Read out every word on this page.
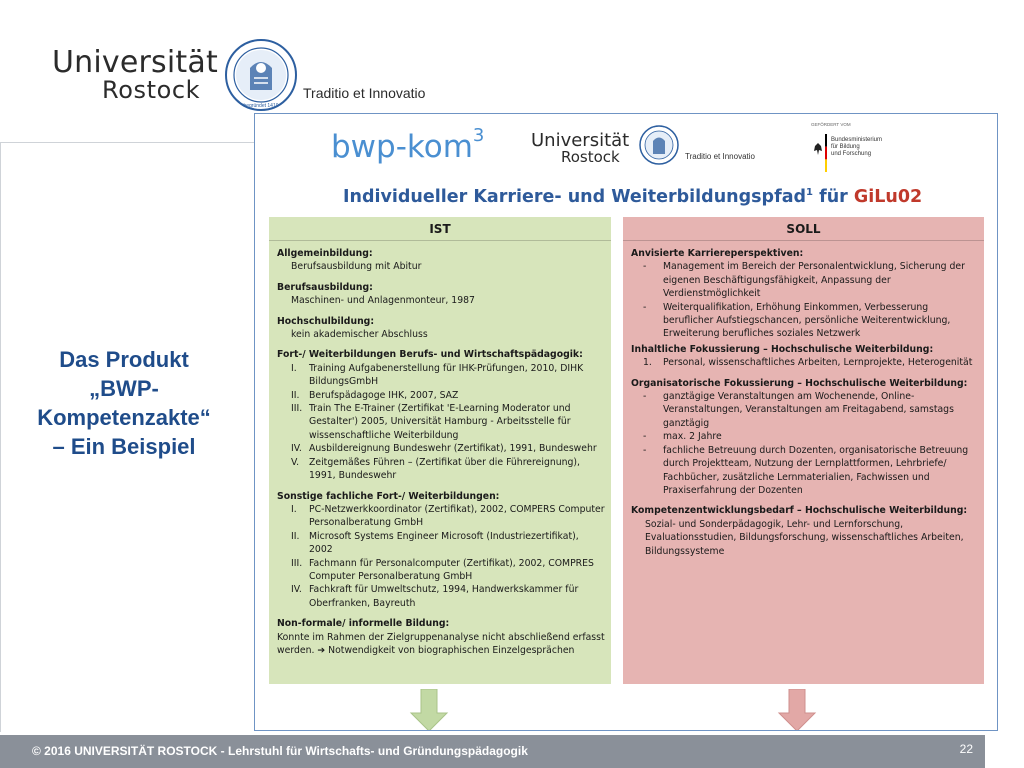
Universität
Rostock
begründet 1419
Traditio et Innovatio
Das Produkt
„BWP-
Kompetenzakte“
– Ein Beispiel
bwp-kom$^3$	Universität
Rostock	Traditio et Innovatio
GEFÖRDERT VOM
Bundesministerium
für Bildung
und Forschung
Individueller Karriere- und Weiterbildungspfad$^1$ für GiLu02
IST
Allgemeinbildung:
Berufsausbildung mit Abitur
Berufsausbildung:
Maschinen- und Anlagenmonteur, 1987
Hochschulbildung:
kein akademischer Abschluss
Fort-/ Weiterbildungen Berufs- und Wirtschaftspädagogik:
I. Training Aufgabenerstellung für IHK-Prüfungen, 2010, DIHK BildungsGmbH
II. Berufspädagoge IHK, 2007, SAZ
III. Train The E-Trainer (Zertifikat 'E-Learning Moderator und Gestalter') 2005, Universität Hamburg - Arbeitsstelle für wissenschaftliche Weiterbildung
IV. Ausbildereignung Bundeswehr (Zertifikat), 1991, Bundeswehr
V. Zeitgemäßes Führen – (Zertifikat über die Führereignung), 1991, Bundeswehr
Sonstige fachliche Fort-/ Weiterbildungen:
I. PC-Netzwerkkoordinator (Zertifikat), 2002, COMPERS Computer Personalberatung GmbH
II. Microsoft Systems Engineer Microsoft (Industriezertifikat), 2002
III. Fachmann für Personalcomputer (Zertifikat), 2002, COMPRES Computer Personalberatung GmbH
IV. Fachkraft für Umweltschutz, 1994, Handwerkskammer für Oberfranken, Bayreuth
Non-formale/ informelle Bildung:
Konnte im Rahmen der Zielgruppenanalyse nicht abschließend erfasst werden. ➔ Notwendigkeit von biographischen Einzelgesprächen
SOLL
Anvisierte Karriereperspektiven:
- Management im Bereich der Personalentwicklung, Sicherung der eigenen Beschäftigungsfähigkeit, Anpassung der Verdienstmöglichkeit
- Weiterqualifikation, Erhöhung Einkommen, Verbesserung beruflicher Aufstiegschancen, persönliche Weiterentwicklung, Erweiterung berufliches soziales Netzwerk
Inhaltliche Fokussierung – Hochschulische Weiterbildung:
1. Personal, wissenschaftliches Arbeiten, Lernprojekte, Heterogenität
Organisatorische Fokussierung – Hochschulische Weiterbildung:
- ganztägige Veranstaltungen am Wochenende, Online-Veranstaltungen, Veranstaltungen am Freitagabend, samstags ganztägig
- max. 2 Jahre
- fachliche Betreuung durch Dozenten, organisatorische Betreuung durch Projektteam, Nutzung der Lernplattformen, Lehrbriefe/ Fachbücher, zusätzliche Lernmaterialien, Fachwissen und Praxiserfahrung der Dozenten
Kompetenzentwicklungsbedarf – Hochschulische Weiterbildung:
Sozial- und Sonderpädagogik, Lehr- und Lernforschung, Evaluationsstudien, Bildungsforschung, wissenschaftliches Arbeiten, Bildungssysteme
© 2016 UNIVERSITÄT ROSTOCK - Lehrstuhl für Wirtschafts- und Gründungspädagogik	22
